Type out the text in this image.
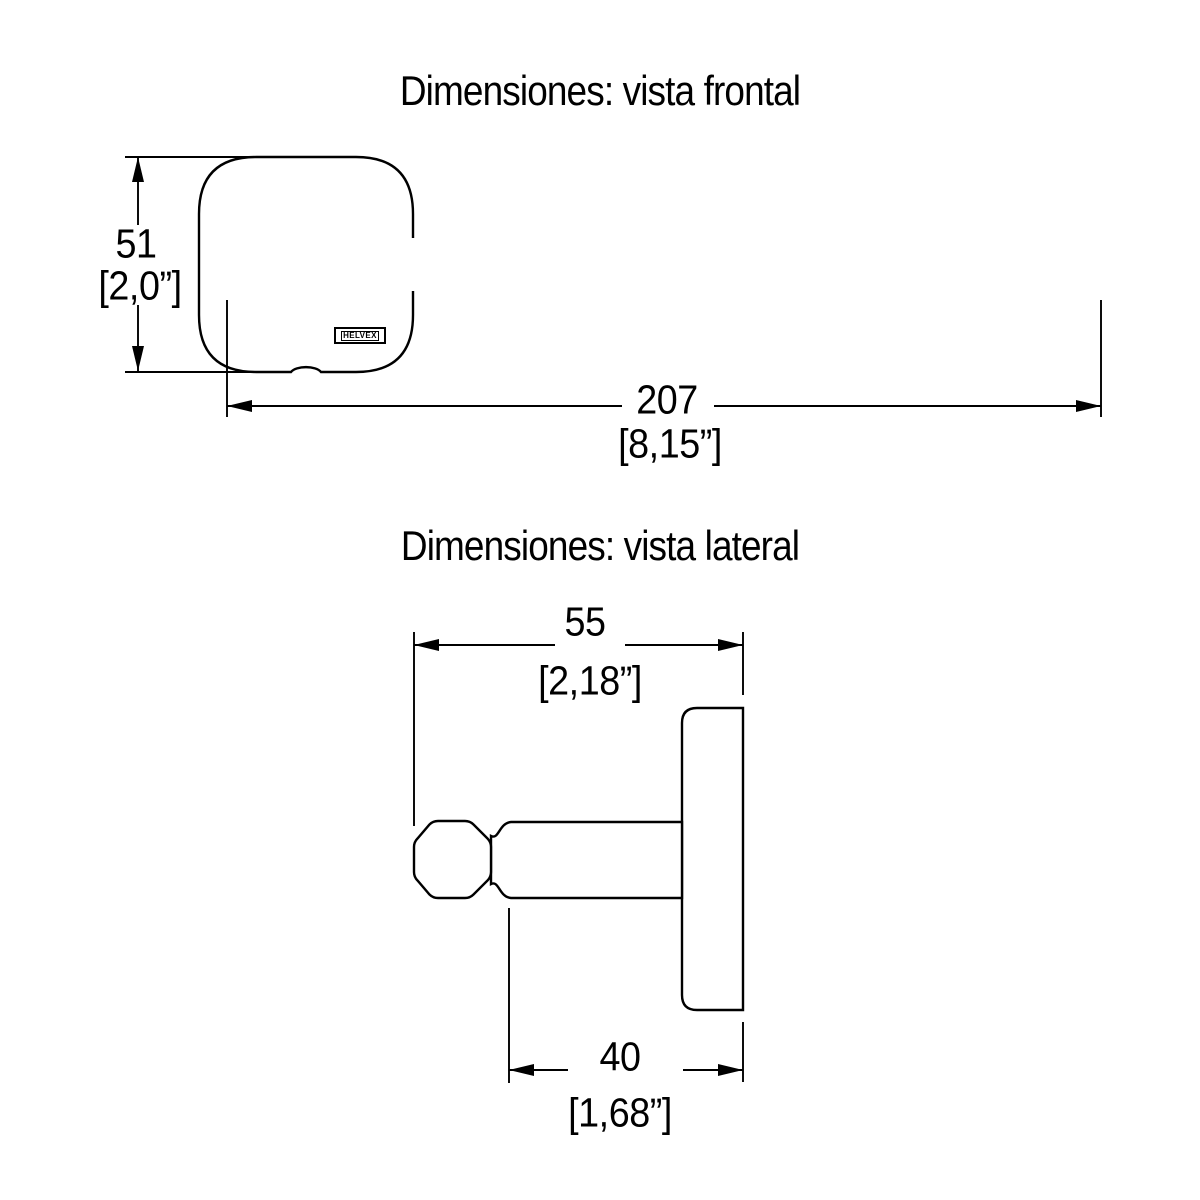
Dimensiones: vista frontal
51
[2,0”]
207
[8,15”]
HELVEX
Dimensiones: vista lateral
55
[2,18”]
40
[1,68”]
